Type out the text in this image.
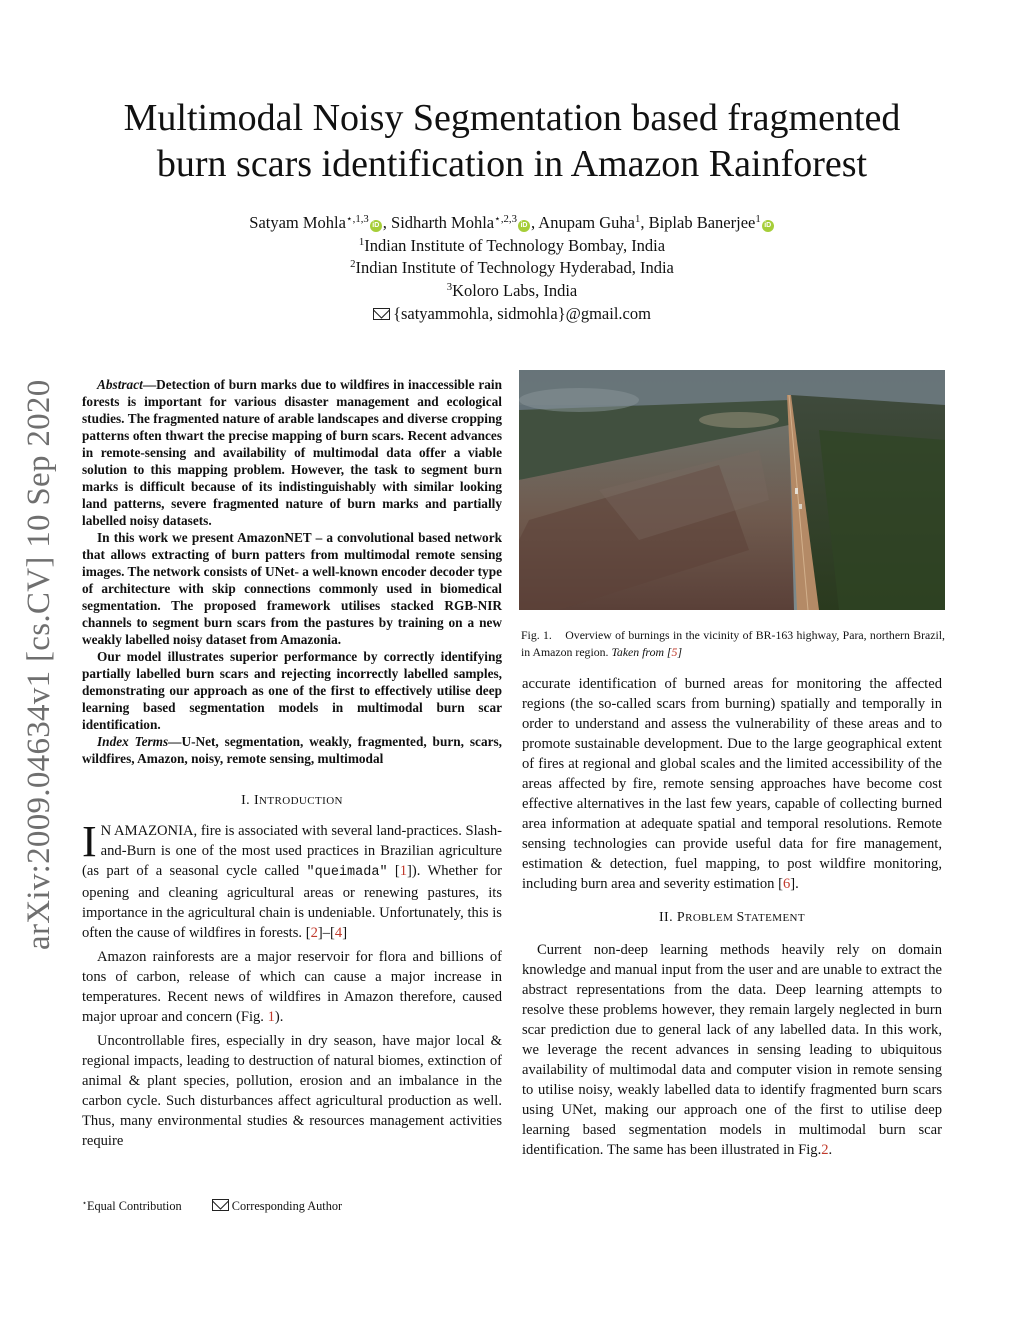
arXiv:2009.04634v1 [cs.CV] 10 Sep 2020
Multimodal Noisy Segmentation based fragmented
burn scars identification in Amazon Rainforest
Satyam Mohla$^{⋆,1,3}$iD , Sidharth Mohla$^{⋆,2,3}$iD , Anupam Guha$^1$, Biplab Banerjee$^1$iD
$^1$Indian Institute of Technology Bombay, India
$^2$Indian Institute of Technology Hyderabad, India
$^3$Koloro Labs, India
{satyammohla, sidmohla}@gmail.com

Abstract—Detection of burn marks due to wildfires in inaccessible rain forests is important for various disaster management and ecological studies. The fragmented nature of arable landscapes and diverse cropping patterns often thwart the precise mapping of burn scars. Recent advances in remote-sensing and availability of multimodal data offer a viable solution to this mapping problem. However, the task to segment burn marks is difficult because of its indistinguishably with similar looking land patterns, severe fragmented nature of burn marks and partially labelled noisy datasets.

In this work we present AmazonNET – a convolutional based network that allows extracting of burn patters from multimodal remote sensing images. The network consists of UNet- a well-known encoder decoder type of architecture with skip connections commonly used in biomedical segmentation. The proposed framework utilises stacked RGB-NIR channels to segment burn scars from the pastures by training on a new weakly labelled noisy dataset from Amazonia.

Our model illustrates superior performance by correctly identifying partially labelled burn scars and rejecting incorrectly labelled samples, demonstrating our approach as one of the first to effectively utilise deep learning based segmentation models in multimodal burn scar identification.

Index Terms—U-Net, segmentation, weakly, fragmented, burn, scars, wildfires, Amazon, noisy, remote sensing, multimodal

I. INTRODUCTION

I N AMAZONIA, fire is associated with several land-practices. Slash-and-Burn is one of the most used practices in Brazilian agriculture (as part of a seasonal cycle called "queimada" [1]). Whether for opening and cleaning agricultural areas or renewing pastures, its importance in the agricultural chain is undeniable. Unfortunately, this is often the cause of wildfires in forests. [2]–[4]

Amazon rainforests are a major reservoir for flora and billions of tons of carbon, release of which can cause a major increase in temperatures. Recent news of wildfires in Amazon therefore, caused major uproar and concern (Fig. 1).

Uncontrollable fires, especially in dry season, have major local & regional impacts, leading to destruction of natural biomes, extinction of animal & plant species, pollution, erosion and an imbalance in the carbon cycle. Such disturbances affect agricultural production as well. Thus, many environmental studies & resources management activities require

⋆Equal Contribution	Corresponding Author
Fig. 1. Overview of burnings in the vicinity of BR-163 highway, Para, northern Brazil, in Amazon region. Taken from [5]

accurate identification of burned areas for monitoring the affected regions (the so-called scars from burning) spatially and temporally in order to understand and assess the vulnerability of these areas and to promote sustainable development. Due to the large geographical extent of fires at regional and global scales and the limited accessibility of the areas affected by fire, remote sensing approaches have become cost effective alternatives in the last few years, capable of collecting burned area information at adequate spatial and temporal resolutions. Remote sensing technologies can provide useful data for fire management, estimation & detection, fuel mapping, to post wildfire monitoring, including burn area and severity estimation [6].

II. PROBLEM STATEMENT

Current non-deep learning methods heavily rely on domain knowledge and manual input from the user and are unable to extract the abstract representations from the data. Deep learning attempts to resolve these problems however, they remain largely neglected in burn scar prediction due to general lack of any labelled data. In this work, we leverage the recent advances in sensing leading to ubiquitous availability of multimodal data and computer vision in remote sensing to utilise noisy, weakly labelled data to identify fragmented burn scars using UNet, making our approach one of the first to utilise deep learning based segmentation models in multimodal burn scar identification. The same has been illustrated in Fig.2.
